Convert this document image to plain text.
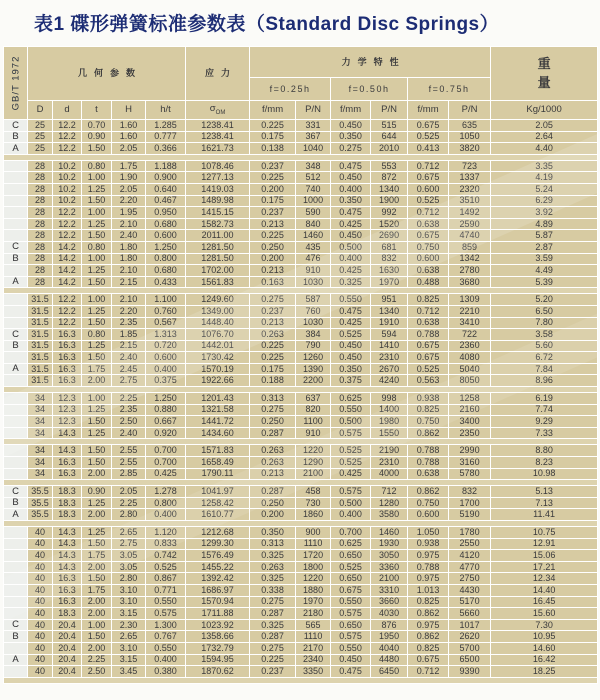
表1 碟形弹簧标准参数表（Standard Disc Springs）
GB/T 1972	几何参数					应力	力学特性						重
量

							f=0.25h		f=0.50h		f=0.75h		
	D	d	t	H	h/t	$\sigma_{OM}$	f/mm	P/N	f/mm	P/N	f/mm	P/N	Kg/1000
C	25	12.2	0.70	1.60	1.285	1238.41	0.225	331	0.450	515	0.675	635	2.05
B	25	12.2	0.90	1.60	0.777	1238.41	0.175	367	0.350	644	0.525	1050	2.64
A	25	12.2	1.50	2.05	0.366	1621.73	0.138	1040	0.275	2010	0.413	3820	4.40

	28	10.2	0.80	1.75	1.188	1078.46	0.237	348	0.475	553	0.712	723	3.35
	28	10.2	1.00	1.90	0.900	1277.13	0.225	512	0.450	872	0.675	1337	4.19
	28	10.2	1.25	2.05	0.640	1419.03	0.200	740	0.400	1340	0.600	2320	5.24
	28	10.2	1.50	2.20	0.467	1489.98	0.175	1000	0.350	1900	0.525	3510	6.29
	28	12.2	1.00	1.95	0.950	1415.15	0.237	590	0.475	992	0.712	1492	3.92
	28	12.2	1.25	2.10	0.680	1582.73	0.213	840	0.425	1520	0.638	2590	4.89
	28	12.2	1.50	2.40	0.600	2011.00	0.225	1460	0.450	2690	0.675	4740	5.87
C	28	14.2	0.80	1.80	1.250	1281.50	0.250	435	0.500	681	0.750	859	2.87
B	28	14.2	1.00	1.80	0.800	1281.50	0.200	476	0.400	832	0.600	1342	3.59
	28	14.2	1.25	2.10	0.680	1702.00	0.213	910	0.425	1630	0.638	2780	4.49
A	28	14.2	1.50	2.15	0.433	1561.83	0.163	1030	0.325	1970	0.488	3680	5.39

	31.5	12.2	1.00	2.10	1.100	1249.60	0.275	587	0.550	951	0.825	1309	5.20
	31.5	12.2	1.25	2.20	0.760	1349.00	0.237	760	0.475	1340	0.712	2210	6.50
	31.5	12.2	1.50	2.35	0.567	1448.40	0.213	1030	0.425	1910	0.638	3410	7.80
C	31.5	16.3	0.80	1.85	1.313	1076.70	0.263	384	0.525	594	0.788	722	3.58
B	31.5	16.3	1.25	2.15	0.720	1442.01	0.225	790	0.450	1410	0.675	2360	5.60
	31.5	16.3	1.50	2.40	0.600	1730.42	0.225	1260	0.450	2310	0.675	4080	6.72
A	31.5	16.3	1.75	2.45	0.400	1570.19	0.175	1390	0.350	2670	0.525	5040	7.84
	31.5	16.3	2.00	2.75	0.375	1922.66	0.188	2200	0.375	4240	0.563	8050	8.96

	34	12.3	1.00	2.25	1.250	1201.43	0.313	637	0.625	998	0.938	1258	6.19
	34	12.3	1.25	2.35	0.880	1321.58	0.275	820	0.550	1400	0.825	2160	7.74
	34	12.3	1.50	2.50	0.667	1441.72	0.250	1100	0.500	1980	0.750	3400	9.29
	34	14.3	1.25	2.40	0.920	1434.60	0.287	910	0.575	1550	0.862	2350	7.33

	34	14.3	1.50	2.55	0.700	1571.83	0.263	1220	0.525	2190	0.788	2990	8.80
	34	16.3	1.50	2.55	0.700	1658.49	0.263	1290	0.525	2310	0.788	3160	8.23
	34	16.3	2.00	2.85	0.425	1790.11	0.213	2100	0.425	4000	0.638	5780	10.98

C	35.5	18.3	0.90	2.05	1.278	1041.97	0.287	458	0.575	712	0.862	832	5.13
B	35.5	18.3	1.25	2.25	0.800	1258.42	0.250	730	0.500	1280	0.750	1700	7.13
A	35.5	18.3	2.00	2.80	0.400	1610.77	0.200	1860	0.400	3580	0.600	5190	11.41

	40	14.3	1.25	2.65	1.120	1212.68	0.350	900	0.700	1460	1.050	1780	10.75
	40	14.3	1.50	2.75	0.833	1299.30	0.313	1110	0.625	1930	0.938	2550	12.91
	40	14.3	1.75	3.05	0.742	1576.49	0.325	1720	0.650	3050	0.975	4120	15.06
	40	14.3	2.00	3.05	0.525	1455.22	0.263	1800	0.525	3360	0.788	4770	17.21
	40	16.3	1.50	2.80	0.867	1392.42	0.325	1220	0.650	2100	0.975	2750	12.34
	40	16.3	1.75	3.10	0.771	1686.97	0.338	1880	0.675	3310	1.013	4430	14.40
	40	16.3	2.00	3.10	0.550	1570.94	0.275	1970	0.550	3660	0.825	5170	16.45
	40	18.3	2.00	3.15	0.575	1711.88	0.287	2180	0.575	4030	0.862	5660	15.60
C	40	20.4	1.00	2.30	1.300	1023.92	0.325	565	0.650	876	0.975	1017	7.30
B	40	20.4	1.50	2.65	0.767	1358.66	0.287	1110	0.575	1950	0.862	2620	10.95
	40	20.4	2.00	3.10	0.550	1732.79	0.275	2170	0.550	4040	0.825	5700	14.60
A	40	20.4	2.25	3.15	0.400	1594.95	0.225	2340	0.450	4480	0.675	6500	16.42
	40	20.4	2.50	3.45	0.380	1870.62	0.237	3350	0.475	6450	0.712	9390	18.25
